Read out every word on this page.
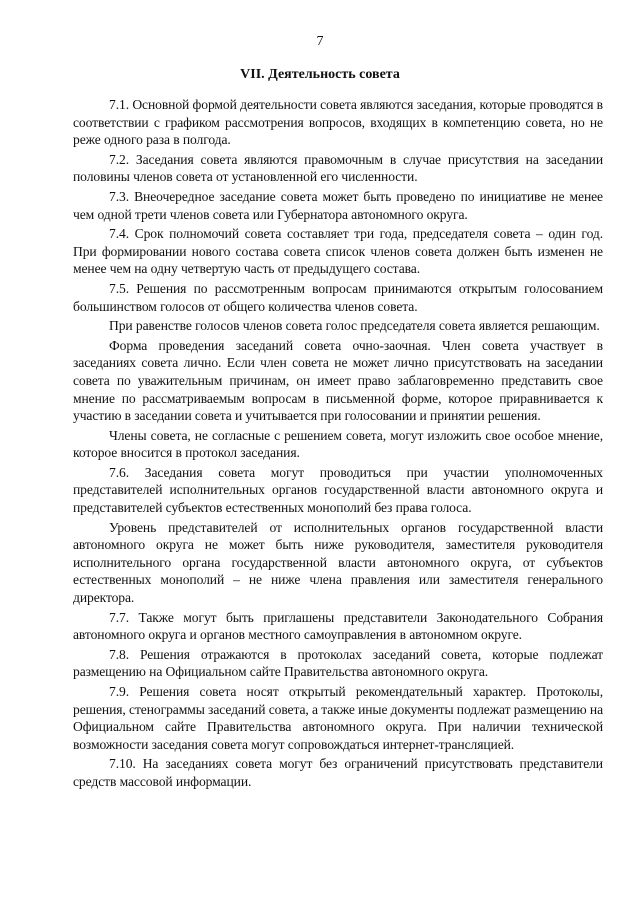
7
VII. Деятельность совета

7.1. Основной формой деятельности совета являются заседания, которые проводятся в соответствии с графиком рассмотрения вопросов, входящих в компетенцию совета, но не реже одного раза в полгода.

7.2. Заседания совета являются правомочным в случае присутствия на заседании половины членов совета от установленной его численности.

7.3. Внеочередное заседание совета может быть проведено по инициативе не менее чем одной трети членов совета или Губернатора автономного округа.

7.4. Срок полномочий совета составляет три года, председателя совета – один год. При формировании нового состава совета список членов совета должен быть изменен не менее чем на одну четвертую часть от предыдущего состава.

7.5. Решения по рассмотренным вопросам принимаются открытым голосованием большинством голосов от общего количества членов совета.

При равенстве голосов членов совета голос председателя совета является решающим.

Форма проведения заседаний совета очно-заочная. Член совета участвует в заседаниях совета лично. Если член совета не может лично присутствовать на заседании совета по уважительным причинам, он имеет право заблаговременно представить свое мнение по рассматриваемым вопросам в письменной форме, которое приравнивается к участию в заседании совета и учитывается при голосовании и принятии решения.

Члены совета, не согласные с решением совета, могут изложить свое особое мнение, которое вносится в протокол заседания.

7.6. Заседания совета могут проводиться при участии уполномоченных представителей исполнительных органов государственной власти автономного округа и представителей субъектов естественных монополий без права голоса.

Уровень представителей от исполнительных органов государственной власти автономного округа не может быть ниже руководителя, заместителя руководителя исполнительного органа государственной власти автономного округа, от субъектов естественных монополий – не ниже члена правления или заместителя генерального директора.

7.7. Также могут быть приглашены представители Законодательного Собрания автономного округа и органов местного самоуправления в автономном округе.

7.8. Решения отражаются в протоколах заседаний совета, которые подлежат размещению на Официальном сайте Правительства автономного округа.

7.9. Решения совета носят открытый рекомендательный характер. Протоколы, решения, стенограммы заседаний совета, а также иные документы подлежат размещению на Официальном сайте Правительства автономного округа. При наличии технической возможности заседания совета могут сопровождаться интернет-трансляцией.

7.10. На заседаниях совета могут без ограничений присутствовать представители средств массовой информации.
